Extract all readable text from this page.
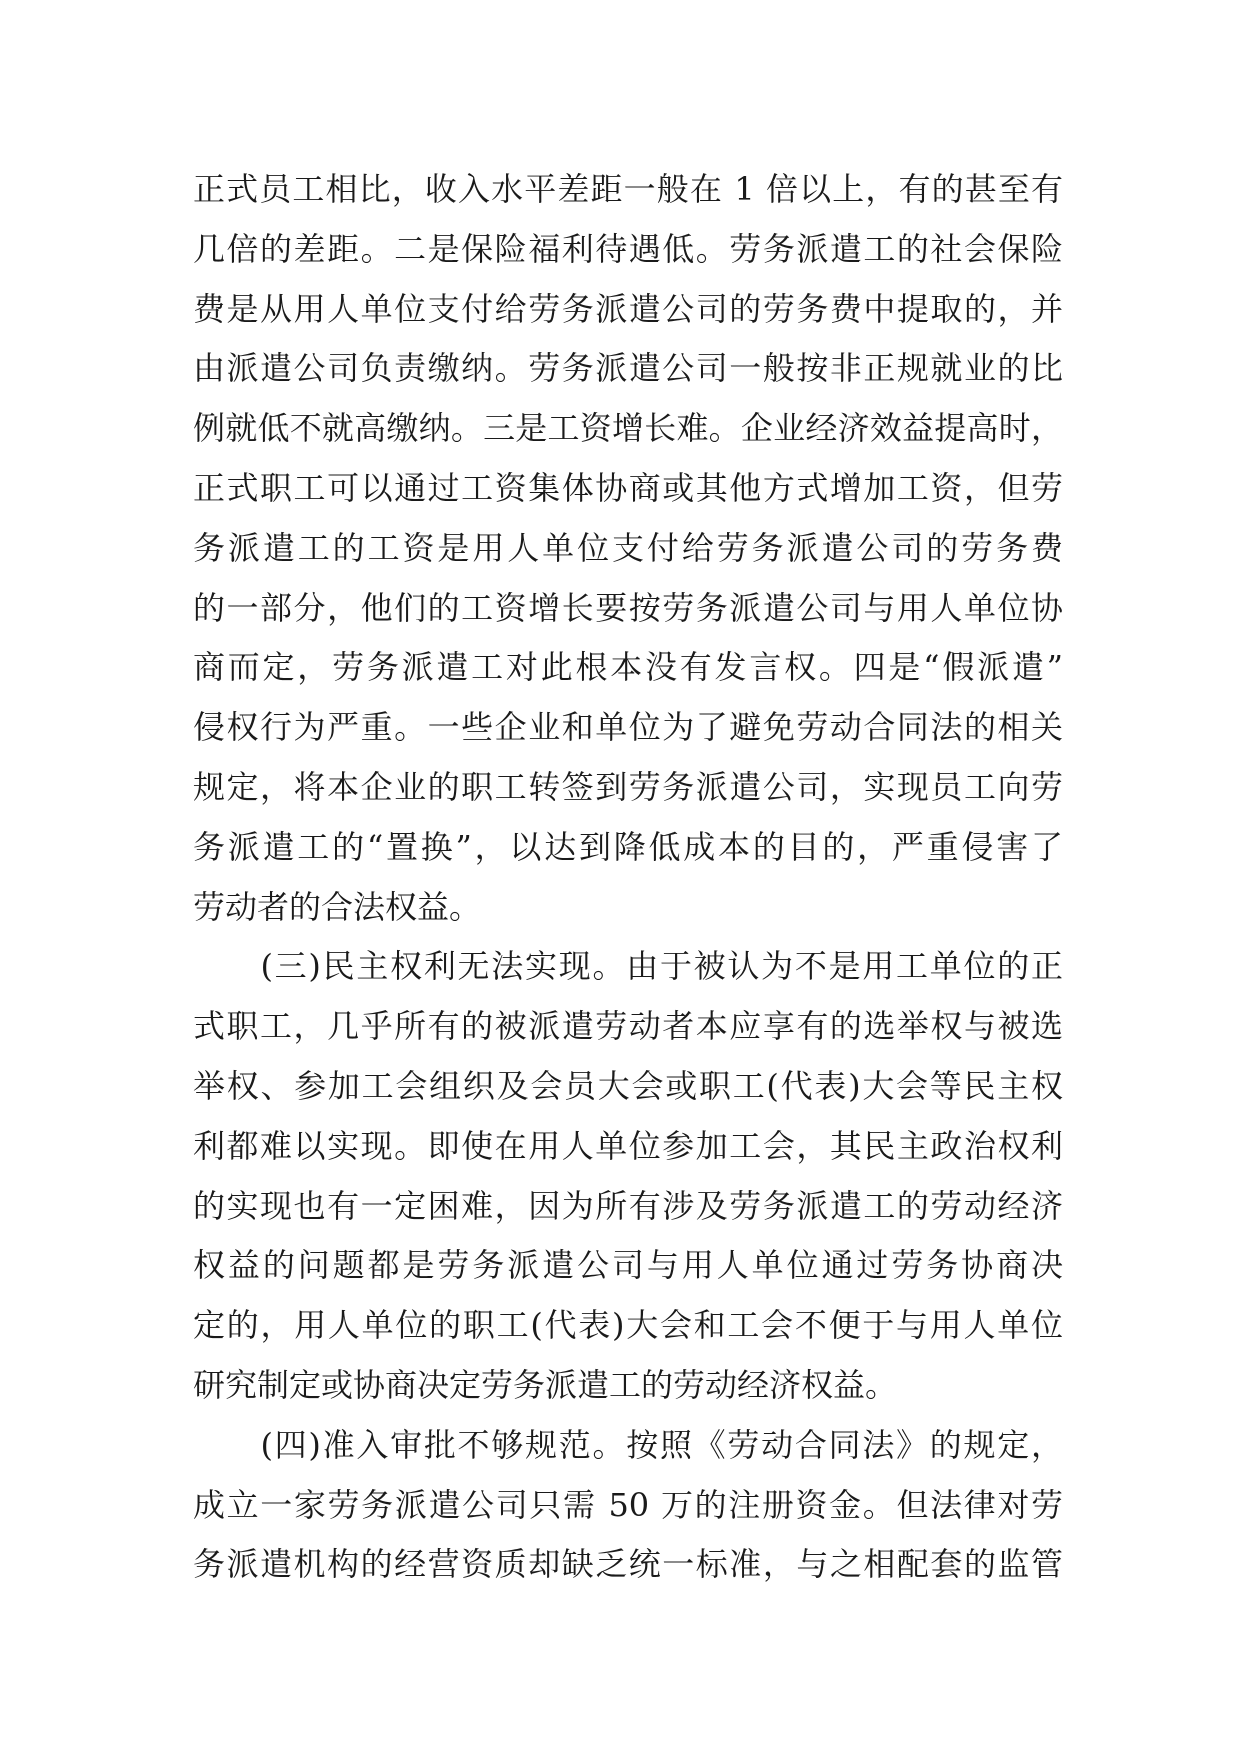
正式员工相比，收入水平差距一般在 1 倍以上，有的甚至有
几倍的差距。二是保险福利待遇低。劳务派遣工的社会保险
费是从用人单位支付给劳务派遣公司的劳务费中提取的，并
由派遣公司负责缴纳。劳务派遣公司一般按非正规就业的比
例就低不就高缴纳。三是工资增长难。企业经济效益提高时，
正式职工可以通过工资集体协商或其他方式增加工资，但劳
务派遣工的工资是用人单位支付给劳务派遣公司的劳务费
的一部分，他们的工资增长要按劳务派遣公司与用人单位协
商而定，劳务派遣工对此根本没有发言权。四是“假派遣”
侵权行为严重。一些企业和单位为了避免劳动合同法的相关
规定，将本企业的职工转签到劳务派遣公司，实现员工向劳
务派遣工的“置换”，以达到降低成本的目的，严重侵害了
劳动者的合法权益。
　　(三)民主权利无法实现。由于被认为不是用工单位的正
式职工，几乎所有的被派遣劳动者本应享有的选举权与被选
举权、参加工会组织及会员大会或职工(代表)大会等民主权
利都难以实现。即使在用人单位参加工会，其民主政治权利
的实现也有一定困难，因为所有涉及劳务派遣工的劳动经济
权益的问题都是劳务派遣公司与用人单位通过劳务协商决
定的，用人单位的职工(代表)大会和工会不便于与用人单位
研究制定或协商决定劳务派遣工的劳动经济权益。
　　(四)准入审批不够规范。按照《劳动合同法》的规定，
成立一家劳务派遣公司只需 50 万的注册资金。但法律对劳
务派遣机构的经营资质却缺乏统一标准，与之相配套的监管
